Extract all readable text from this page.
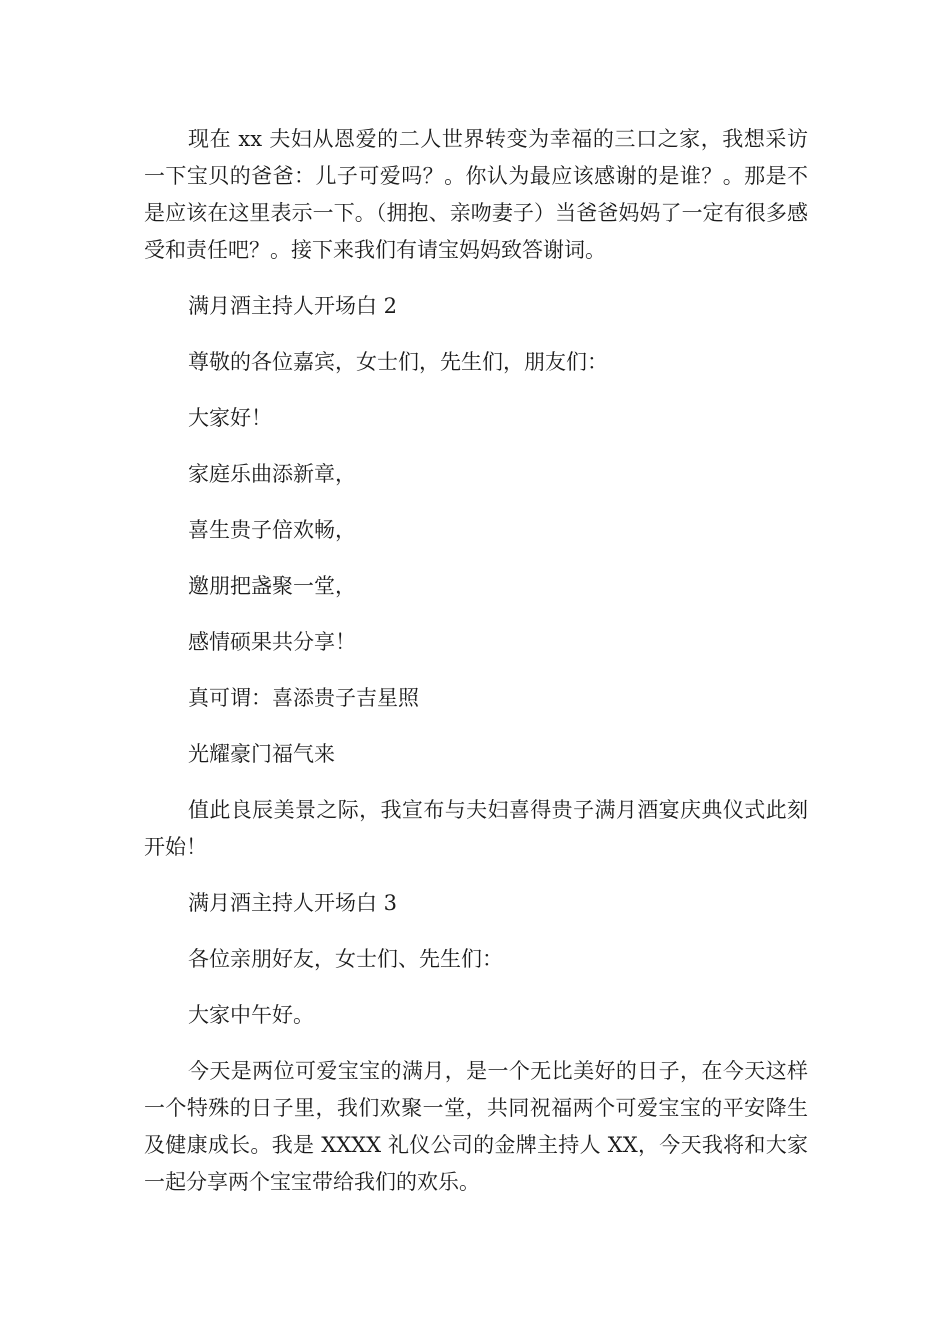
现在 xx 夫妇从恩爱的二人世界转变为幸福的三口之家，我想采访一下宝贝的爸爸：儿子可爱吗？。你认为最应该感谢的是谁？。那是不是应该在这里表示一下。（拥抱、亲吻妻子）当爸爸妈妈了一定有很多感受和责任吧？。接下来我们有请宝妈妈致答谢词。

满月酒主持人开场白 2

尊敬的各位嘉宾，女士们，先生们，朋友们：

大家好！

家庭乐曲添新章，

喜生贵子倍欢畅，

邀朋把盏聚一堂，

感情硕果共分享！

真可谓：喜添贵子吉星照

光耀豪门福气来

值此良辰美景之际，我宣布与夫妇喜得贵子满月酒宴庆典仪式此刻开始！

满月酒主持人开场白 3

各位亲朋好友，女士们、先生们：

大家中午好。

今天是两位可爱宝宝的满月，是一个无比美好的日子，在今天这样一个特殊的日子里，我们欢聚一堂，共同祝福两个可爱宝宝的平安降生及健康成长。我是 XXXX 礼仪公司的金牌主持人 XX，今天我将和大家一起分享两个宝宝带给我们的欢乐。
